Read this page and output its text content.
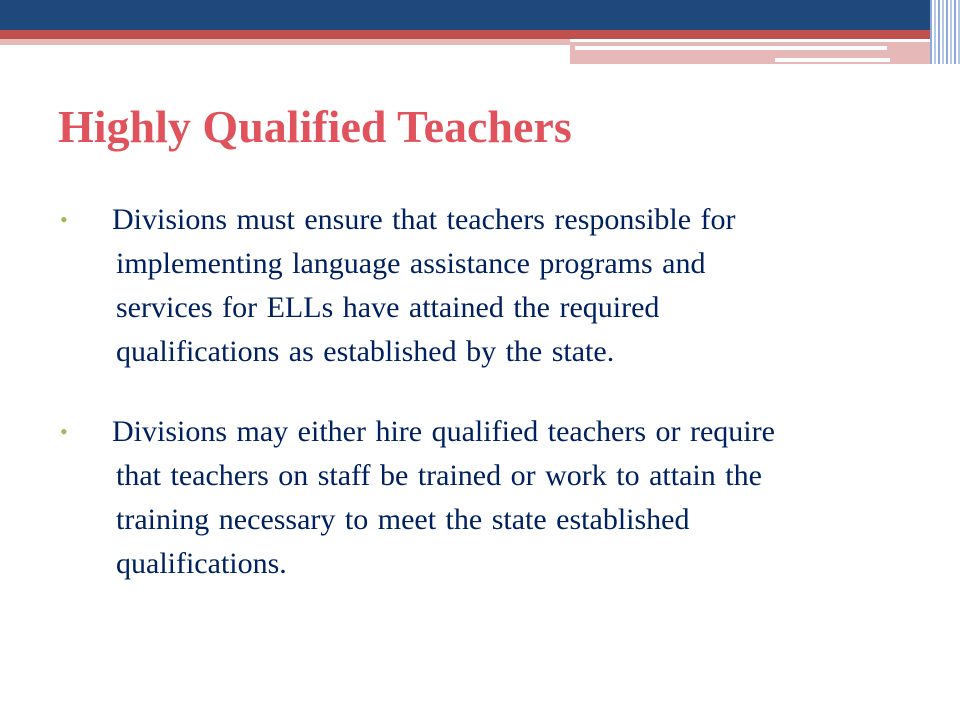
Highly Qualified Teachers
• Divisions must ensure that teachers responsible for
implementing language assistance programs and
services for ELLs have attained the required
qualifications as established by the state.
• Divisions may either hire qualified teachers or require
that teachers on staff be trained or work to attain the
training necessary to meet the state established
qualifications.
